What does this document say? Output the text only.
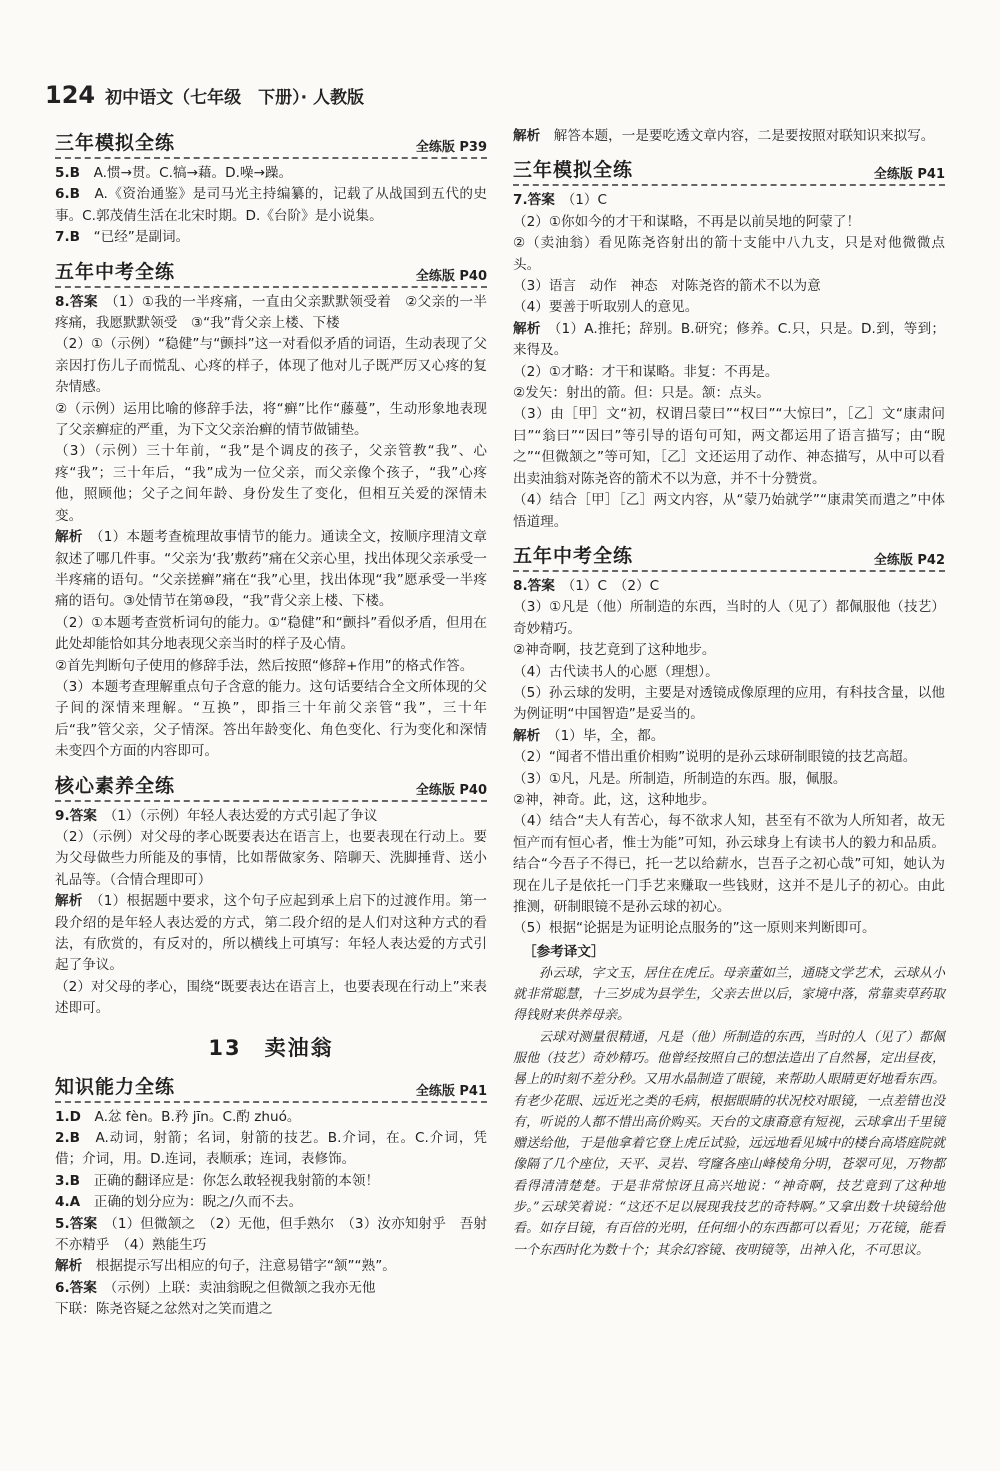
124 初中语文（七年级　下册）· 人教版
三年模拟全练	全练版 P39

5.B　 A.惯→贯。C.犒→藉。D.噪→躁。

6.B　 A.《资治通鉴》是司马光主持编纂的，记载了从战国到五代的史事。C.郭茂倩生活在北宋时期。D.《台阶》是小说集。

7.B　 “已经”是副词。

五年中考全练	全练版 P40

8.答案　 （1）①我的一半疼痛，一直由父亲默默领受着　②父亲的一半疼痛，我愿默默领受　③“我”背父亲上楼、下楼

（2）①（示例）“稳健”与“颤抖”这一对看似矛盾的词语，生动表现了父亲因打伤儿子而慌乱、心疼的样子，体现了他对儿子既严厉又心疼的复杂情感。

②（示例）运用比喻的修辞手法，将“癣”比作“藤蔓”，生动形象地表现了父亲癣症的严重，为下文父亲治癣的情节做铺垫。

（3）（示例）三十年前，“我”是个调皮的孩子，父亲管教“我”、心疼“我”；三十年后，“我”成为一位父亲，而父亲像个孩子，“我”心疼他，照顾他；父子之间年龄、身份发生了变化，但相互关爱的深情未变。

解析　 （1）本题考查梳理故事情节的能力。通读全文，按顺序理清文章叙述了哪几件事。“父亲为‘我’敷药”痛在父亲心里，找出体现父亲承受一半疼痛的语句。“父亲搓癣”痛在“我”心里，找出体现“我”愿承受一半疼痛的语句。③处情节在第⑩段，“我”背父亲上楼、下楼。

（2）①本题考查赏析词句的能力。①“稳健”和“颤抖”看似矛盾，但用在此处却能恰如其分地表现父亲当时的样子及心情。

②首先判断句子使用的修辞手法，然后按照“修辞+作用”的格式作答。

（3）本题考查理解重点句子含意的能力。这句话要结合全文所体现的父子间的深情来理解。“互换”，即指三十年前父亲管“我”，三十年后“我”管父亲，父子情深。答出年龄变化、角色变化、行为变化和深情未变四个方面的内容即可。

核心素养全练	全练版 P40

9.答案　 （1）（示例）年轻人表达爱的方式引起了争议

（2）（示例）对父母的孝心既要表达在语言上，也要表现在行动上。要为父母做些力所能及的事情，比如帮做家务、陪聊天、洗脚捶背、送小礼品等。（合情合理即可）

解析　 （1）根据题中要求，这个句子应起到承上启下的过渡作用。第一段介绍的是年轻人表达爱的方式，第二段介绍的是人们对这种方式的看法，有欣赏的，有反对的，所以横线上可填写：年轻人表达爱的方式引起了争议。

（2）对父母的孝心，围绕“既要表达在语言上，也要表现在行动上”来表述即可。

13　卖油翁
知识能力全练	全练版 P41

1.D　 A.忿 fèn。B.矜 jīn。C.酌 zhuó。

2.B　 A.动词，射箭；名词，射箭的技艺。B.介词，在。C.介词，凭借；介词，用。D.连词，表顺承；连词，表修饰。

3.B　 正确的翻译应是：你怎么敢轻视我射箭的本领！

4.A　 正确的划分应为：睨之/久而不去。

5.答案　 （1）但微颔之　（2）无他，但手熟尔　（3）汝亦知射乎　吾射不亦精乎　（4）熟能生巧

解析　 根据提示写出相应的句子，注意易错字“颔”“熟”。

6.答案　 （示例）上联：卖油翁睨之但微颔之我亦无他

下联：陈尧咨疑之忿然对之笑而遣之

解析　 解答本题，一是要吃透文章内容，二是要按照对联知识来拟写。

三年模拟全练	全练版 P41

7.答案　 （1）C

（2）①你如今的才干和谋略，不再是以前吴地的阿蒙了！

②（卖油翁）看见陈尧咨射出的箭十支能中八九支，只是对他微微点头。

（3）语言　动作　神态　对陈尧咨的箭术不以为意

（4）要善于听取别人的意见。

解析　 （1）A.推托；辞别。B.研究；修养。C.只，只是。D.到，等到；来得及。

（2）①才略：才干和谋略。非复：不再是。

②发矢：射出的箭。但：只是。颔：点头。

（3）由［甲］文“初，权谓吕蒙曰”“权曰”“大惊曰”，［乙］文“康肃问曰”“翁曰”“因曰”等引导的语句可知，两文都运用了语言描写；由“睨之”“但微颔之”等可知，［乙］文还运用了动作、神态描写，从中可以看出卖油翁对陈尧咨的箭术不以为意，并不十分赞赏。

（4）结合［甲］［乙］两文内容，从“蒙乃始就学”“康肃笑而遣之”中体悟道理。

五年中考全练	全练版 P42

8.答案　 （1）C　（2）C

（3）①凡是（他）所制造的东西，当时的人（见了）都佩服他（技艺）奇妙精巧。

②神奇啊，技艺竟到了这种地步。

（4）古代读书人的心愿（理想）。

（5）孙云球的发明，主要是对透镜成像原理的应用，有科技含量，以他为例证明“中国智造”是妥当的。

解析　 （1）毕，全，都。

（2）“闻者不惜出重价相购”说明的是孙云球研制眼镜的技艺高超。

（3）①凡，凡是。所制造，所制造的东西。服，佩服。

②神，神奇。此，这，这种地步。

（4）结合“夫人有苦心，每不欲求人知，甚至有不欲为人所知者，故无恒产而有恒心者，惟士为能”可知，孙云球身上有读书人的毅力和品质。结合“今吾子不得已，托一艺以给薪水，岂吾子之初心哉”可知，她认为现在儿子是依托一门手艺来赚取一些钱财，这并不是儿子的初心。由此推测，研制眼镜不是孙云球的初心。

（5）根据“论据是为证明论点服务的”这一原则来判断即可。

［参考译文］

孙云球，字文玉，居住在虎丘。母亲董如兰，通晓文学艺术，云球从小就非常聪慧，十三岁成为县学生，父亲去世以后，家境中落，常靠卖草药取得钱财来供养母亲。

云球对测量很精通，凡是（他）所制造的东西，当时的人（见了）都佩服他（技艺）奇妙精巧。他曾经按照自己的想法造出了自然晷，定出昼夜，晷上的时刻不差分秒。又用水晶制造了眼镜，来帮助人眼睛更好地看东西。有老少花眼、远近光之类的毛病，根据眼睛的状况校对眼镜，一点差错也没有，听说的人都不惜出高价购买。天台的文康裔意有短视，云球拿出千里镜赠送给他，于是他拿着它登上虎丘试验，远远地看见城中的楼台高塔庭院就像隔了几个座位，天平、灵岩、穹窿各座山峰棱角分明，苍翠可见，万物都看得清清楚楚。于是非常惊讶且高兴地说：“神奇啊，技艺竟到了这种地步。”云球笑着说：“这还不足以展现我技艺的奇特啊。”又拿出数十块镜给他看。如存目镜，有百倍的光明，任何细小的东西都可以看见；万花镜，能看一个东西时化为数十个；其余幻容镜、夜明镜等，出神入化，不可思议。
